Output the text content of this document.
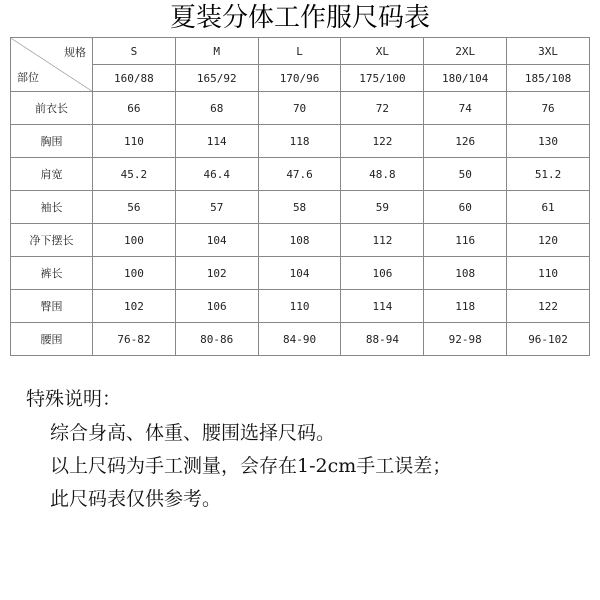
夏装分体工作服尺码表
规格
部位	S	M	L	XL	2XL	3XL
	160/88	165/92	170/96	175/100	180/104	185/108
前衣长	66	68	70	72	74	76
胸围	110	114	118	122	126	130
肩宽	45.2	46.4	47.6	48.8	50	51.2
袖长	56	57	58	59	60	61
净下摆长	100	104	108	112	116	120
裤长	100	102	104	106	108	110
臀围	102	106	110	114	118	122
腰围	76-82	80-86	84-90	88-94	92-98	96-102
特殊说明：
综合身高、体重、腰围选择尺码。
以上尺码为手工测量，会存在1-2cm手工误差；
此尺码表仅供参考。
